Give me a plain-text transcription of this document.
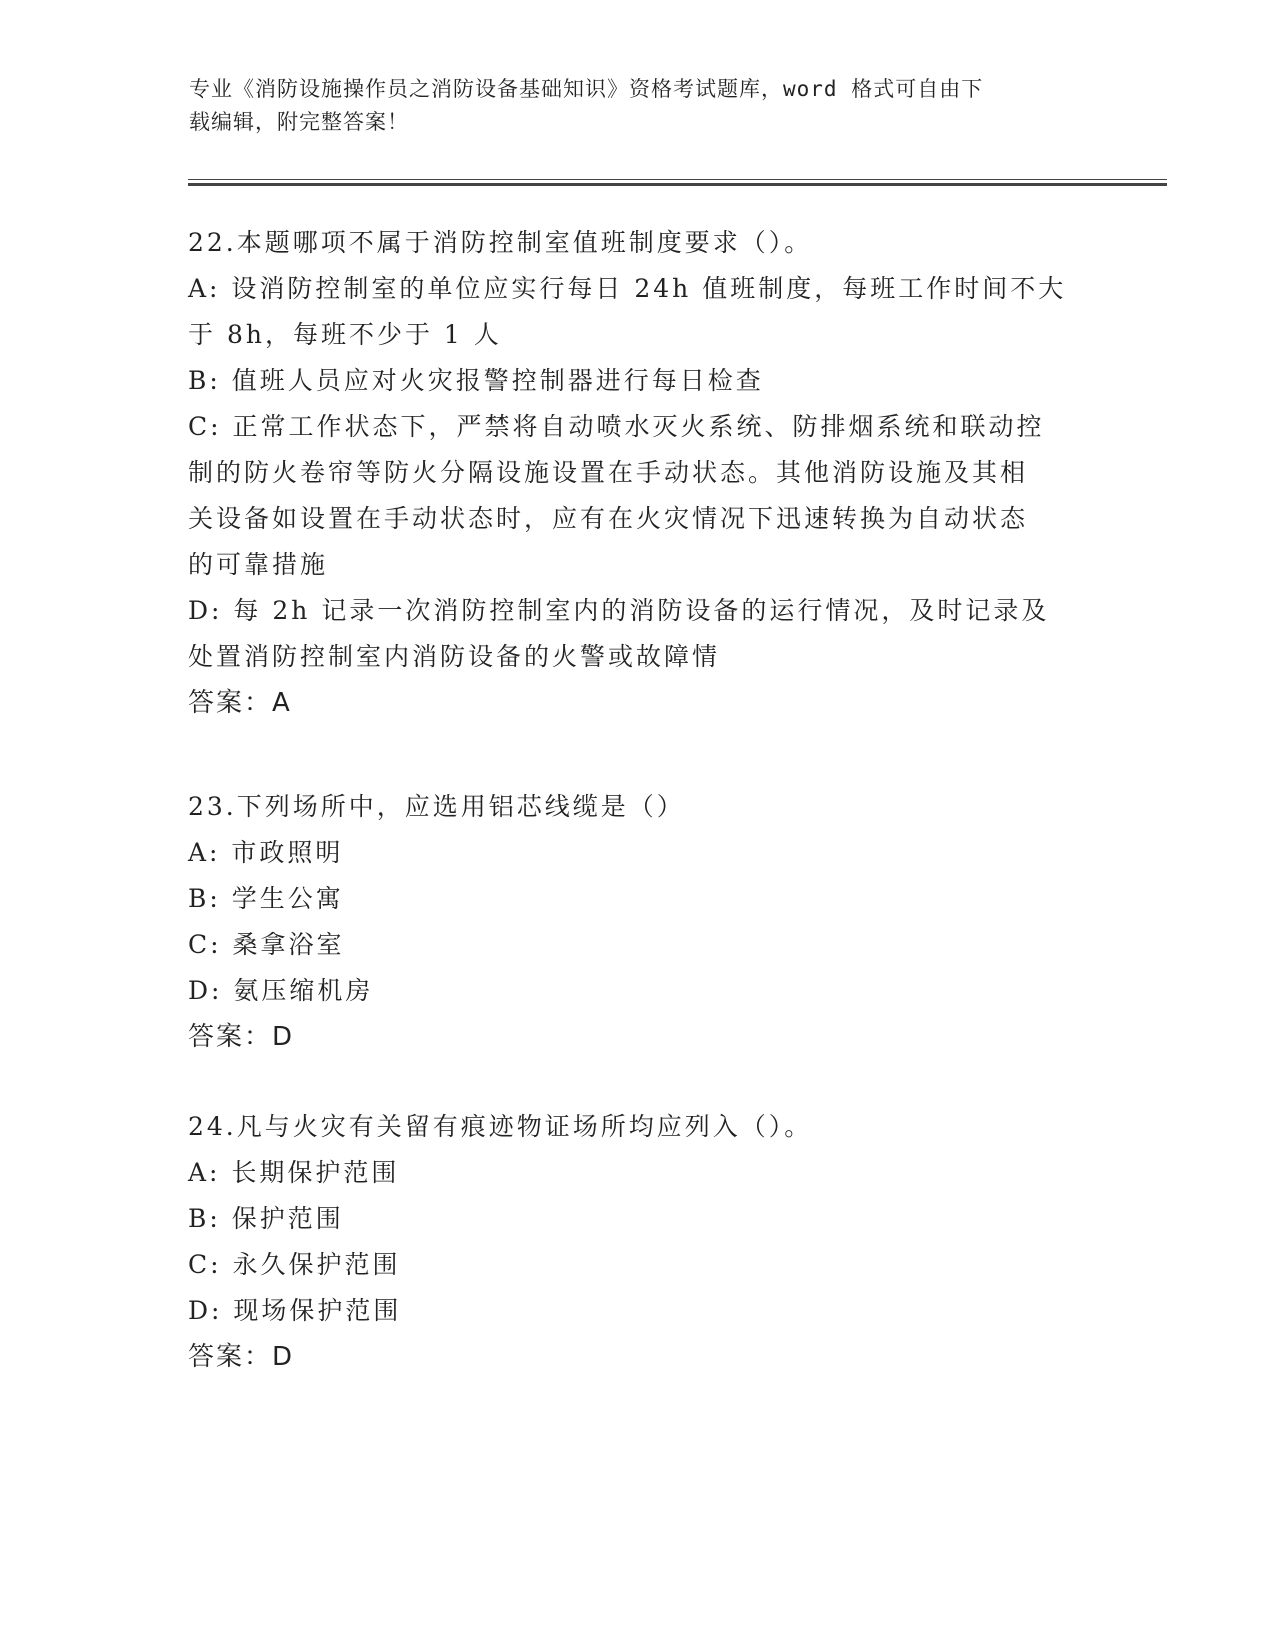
专业《消防设施操作员之消防设备基础知识》资格考试题库，word 格式可自由下
载编辑，附完整答案！
22.本题哪项不属于消防控制室值班制度要求（）。
A: 设消防控制室的单位应实行每日 24h 值班制度，每班工作时间不大
于 8h，每班不少于 1 人
B: 值班人员应对火灾报警控制器进行每日检查
C: 正常工作状态下，严禁将自动喷水灭火系统、防排烟系统和联动控
制的防火卷帘等防火分隔设施设置在手动状态。其他消防设施及其相
关设备如设置在手动状态时，应有在火灾情况下迅速转换为自动状态
的可靠措施
D: 每 2h 记录一次消防控制室内的消防设备的运行情况，及时记录及
处置消防控制室内消防设备的火警或故障情
答案：A
23.下列场所中，应选用铝芯线缆是（）
A: 市政照明
B: 学生公寓
C: 桑拿浴室
D: 氨压缩机房
答案：D
24.凡与火灾有关留有痕迹物证场所均应列入（）。
A: 长期保护范围
B: 保护范围
C: 永久保护范围
D: 现场保护范围
答案：D
